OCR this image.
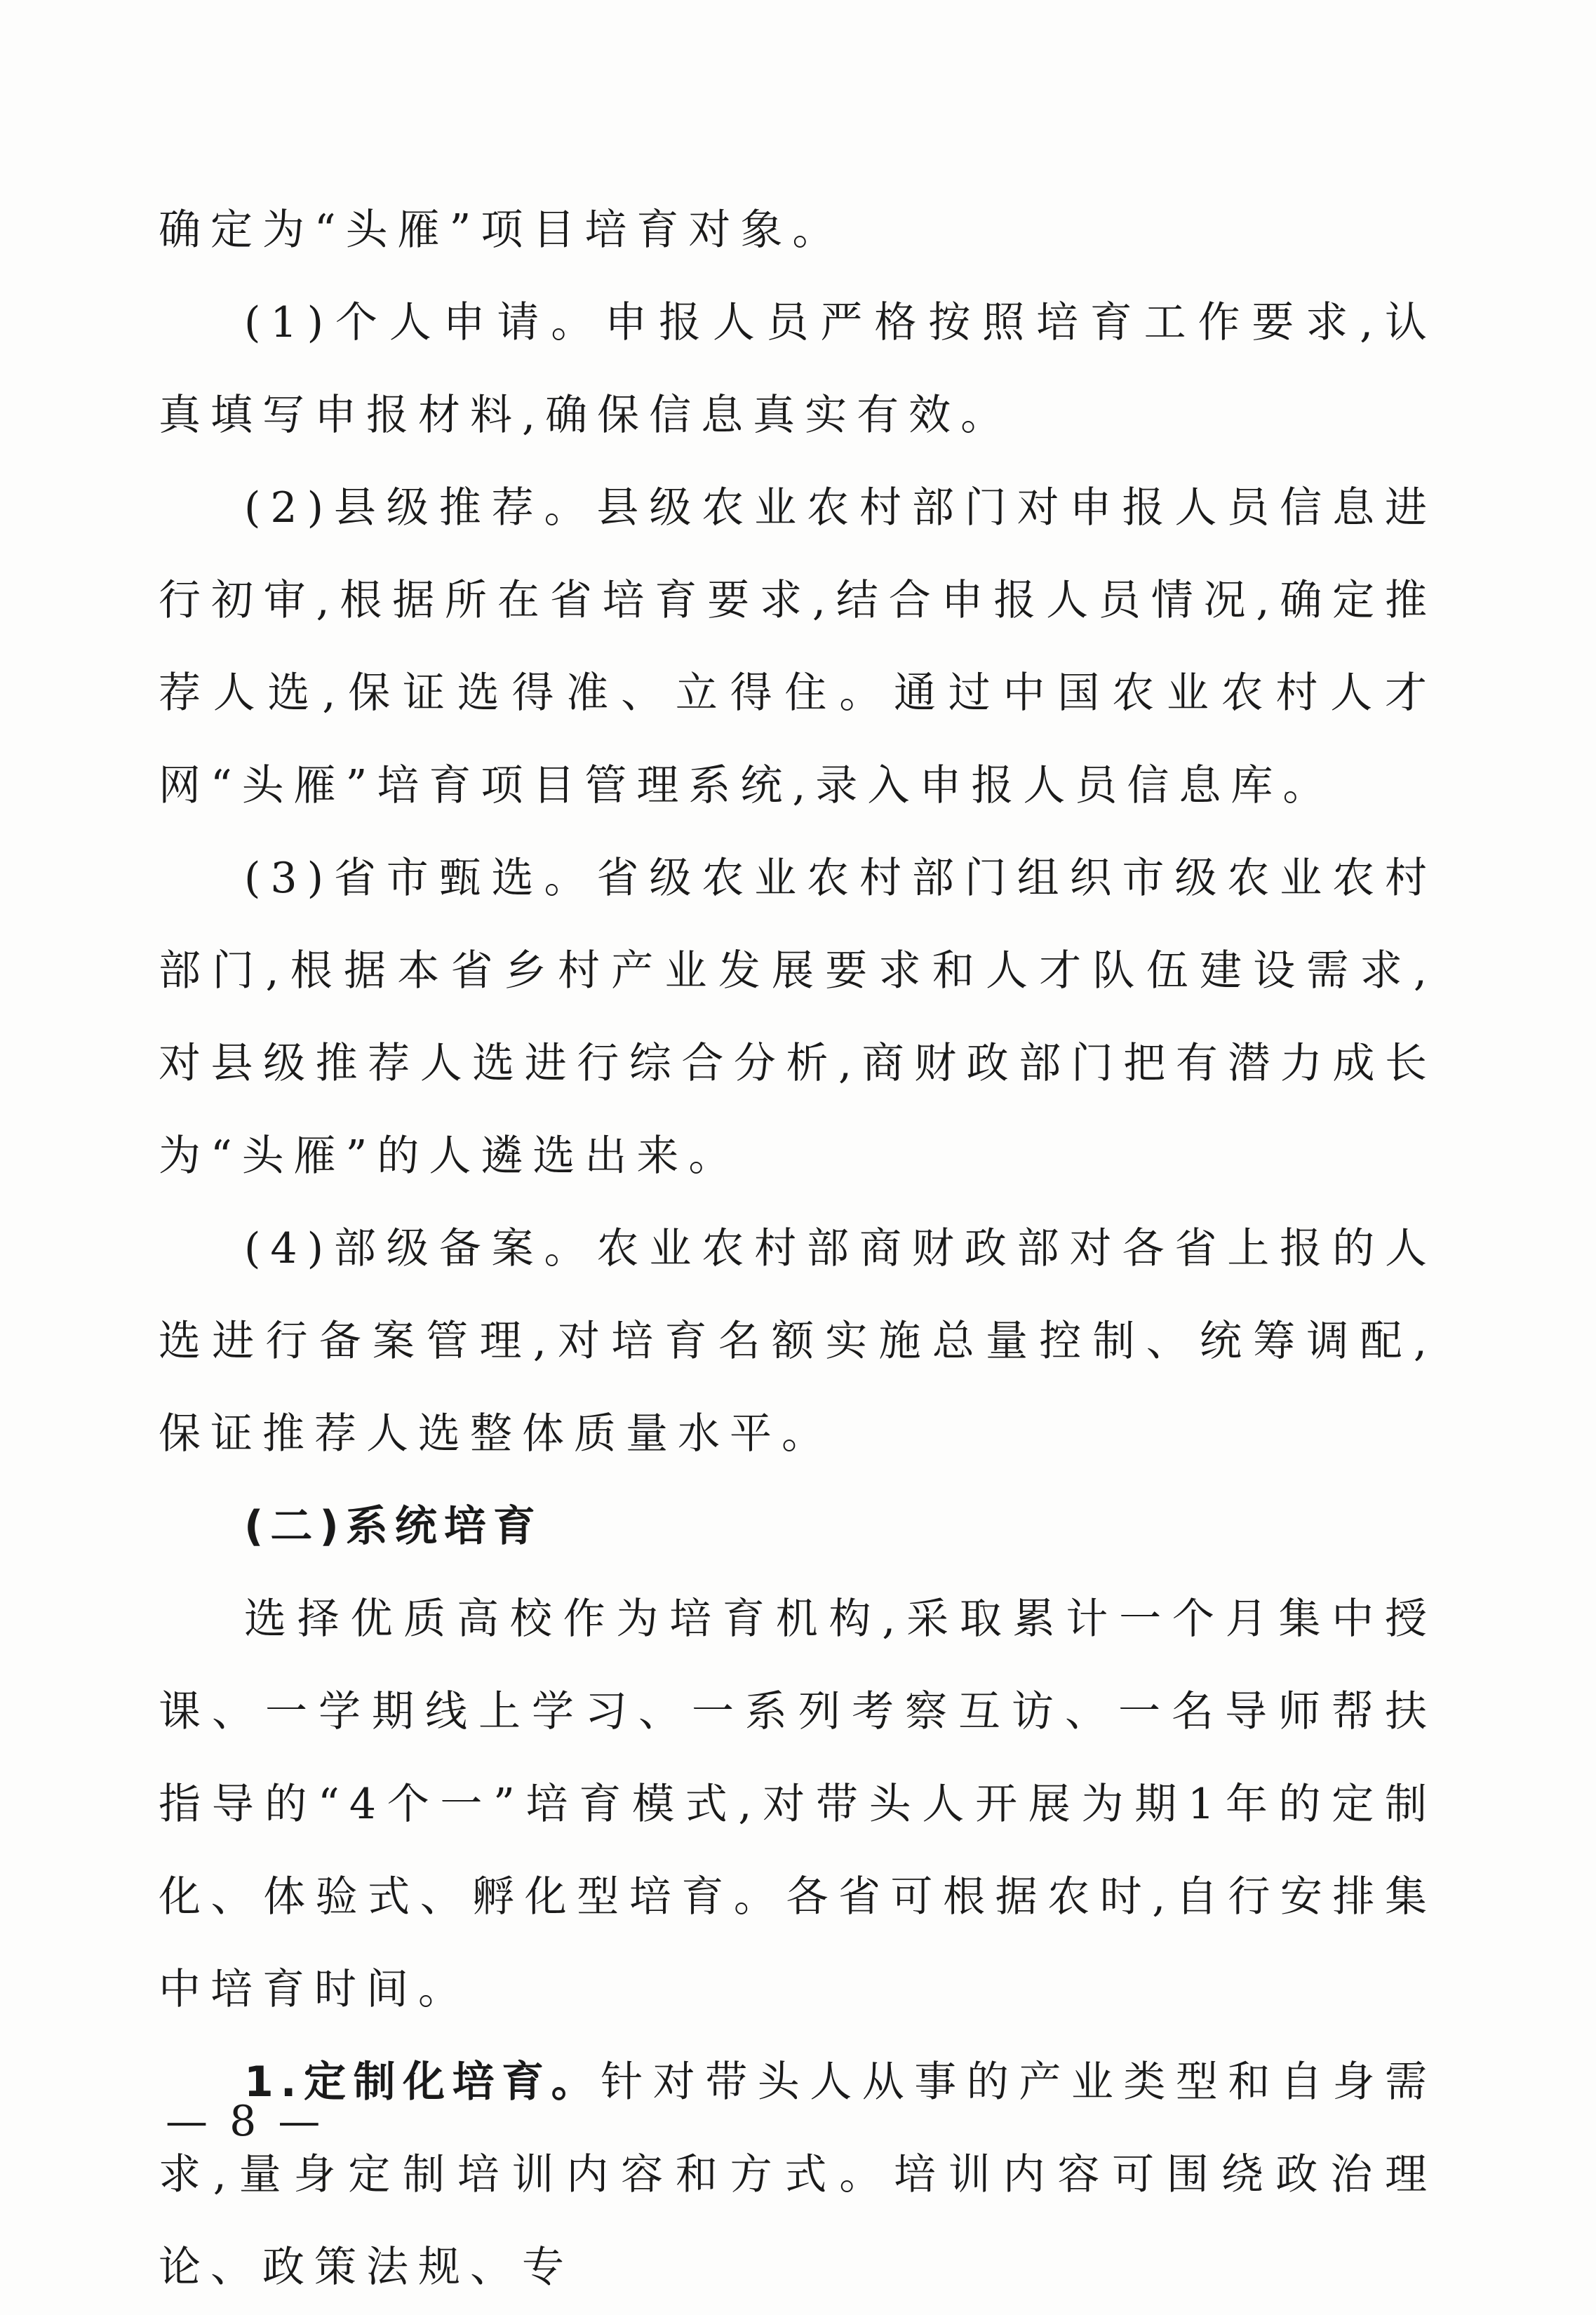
确定为“头雁”项目培育对象。

(1)个人申请。申报人员严格按照培育工作要求,认真填写申报材料,确保信息真实有效。

(2)县级推荐。县级农业农村部门对申报人员信息进行初审,根据所在省培育要求,结合申报人员情况,确定推荐人选,保证选得准、立得住。通过中国农业农村人才网“头雁”培育项目管理系统,录入申报人员信息库。

(3)省市甄选。省级农业农村部门组织市级农业农村部门,根据本省乡村产业发展要求和人才队伍建设需求,对县级推荐人选进行综合分析,商财政部门把有潜力成长为“头雁”的人遴选出来。

(4)部级备案。农业农村部商财政部对各省上报的人选进行备案管理,对培育名额实施总量控制、统筹调配,保证推荐人选整体质量水平。

(二)系统培育

选择优质高校作为培育机构,采取累计一个月集中授课、一学期线上学习、一系列考察互访、一名导师帮扶指导的“4个一”培育模式,对带头人开展为期1年的定制化、体验式、孵化型培育。各省可根据农时,自行安排集中培育时间。

1.定制化培育。针对带头人从事的产业类型和自身需求,量身定制培训内容和方式。培训内容可围绕政治理论、政策法规、专

— 8 —
